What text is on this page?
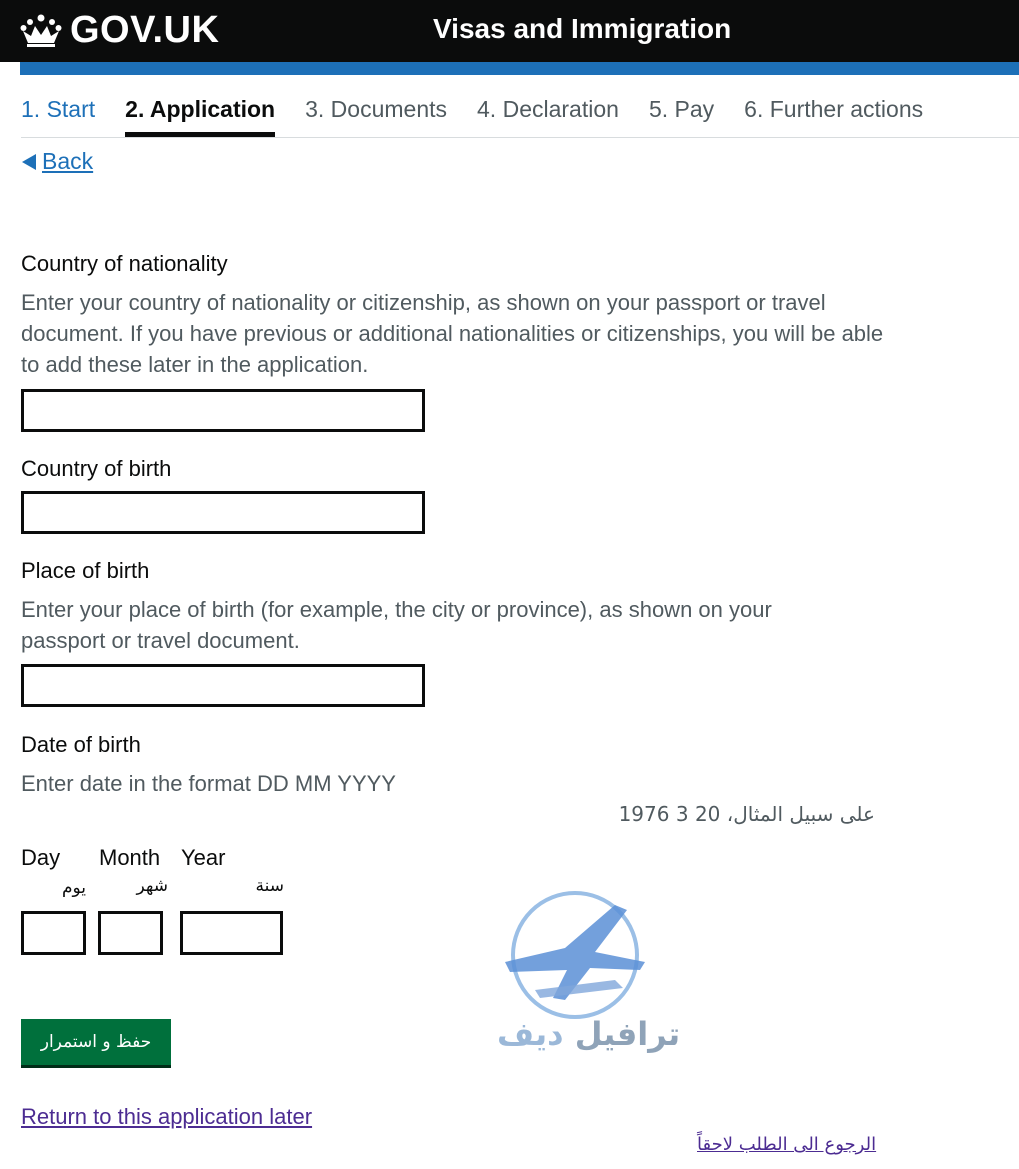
GOV.UK	Visas and Immigration
1. Start 2. Application 3. Documents 4. Declaration 5. Pay 6. Further actions
Back
Country of nationality
Enter your country of nationality or citizenship, as shown on your passport or travel document. If you have previous or additional nationalities or citizenships, you will be able to add these later in the application.
Country of birth
Place of birth
Enter your place of birth (for example, the city or province), as shown on your passport or travel document.
Date of birth
Enter date in the format DD MM YYYY
على سبيل المثال، 20 3 1976
Day Month Year
يوم	شهر	سنة
ترافيل ديف
حفظ و استمرار
Return to this application later
الرجوع الى الطلب لاحقاً
